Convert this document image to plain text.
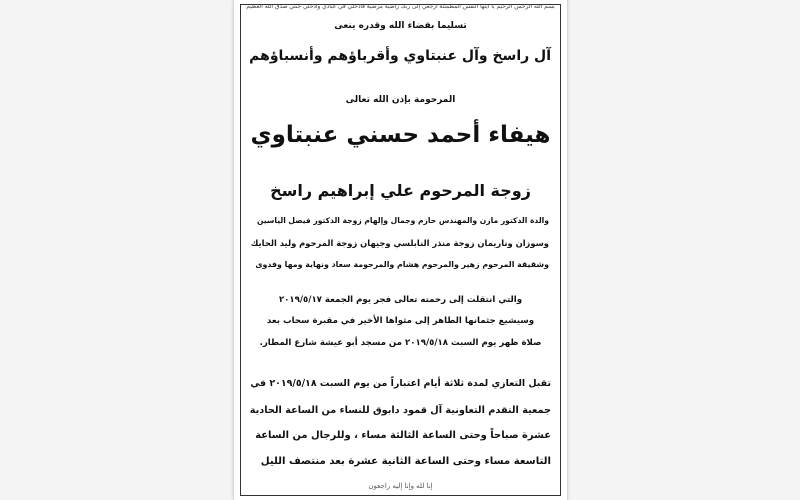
بسم الله الرحمن الرحيم يا أيتها النفس المطمئنة ارجعي إلى ربك راضية مرضية فادخلي في عبادي وادخلي جنتي صدق الله العظيم
تسليما بقضاء الله وقدره ينعى
آل راسخ وآل عنبتاوي وأقرباؤهم وأنسباؤهم
المرحومة بإذن الله تعالى
هيفاء أحمد حسني عنبتاوي
زوجة المرحوم علي إبراهيم راسخ
والدة الدكتور مازن والمهندس حازم وجمال وإلهام زوجة الدكتور فيصل الياسين
وسوزان وناريمان زوجة منذر النابلسي وجيهان زوجة المرحوم وليد الحايك
وشقيقة المرحوم زهير والمرحوم هشام والمرحومة سعاد ونهاية ومها وفدوى
والتي انتقلت إلى رحمته تعالى فجر يوم الجمعة ٢٠١٩/٥/١٧
وسيشيع جثمانها الطاهر إلى مثواها الأخير في مقبرة سحاب بعد
صلاة ظهر يوم السبت ٢٠١٩/٥/١٨ من مسجد أبو عيشة شارع المطار.
تقبل التعازي لمدة ثلاثة أيام اعتباراً من يوم السبت ٢٠١٩/٥/١٨ في
جمعية التقدم التعاونية آل قمود دابوق للنساء من الساعة الحادية
عشرة صباحاً وحتى الساعة الثالثة مساء ، وللرجال من الساعة
التاسعة مساء وحتى الساعة الثانية عشرة بعد منتصف الليل
إنا لله وإنا إليه راجعون
